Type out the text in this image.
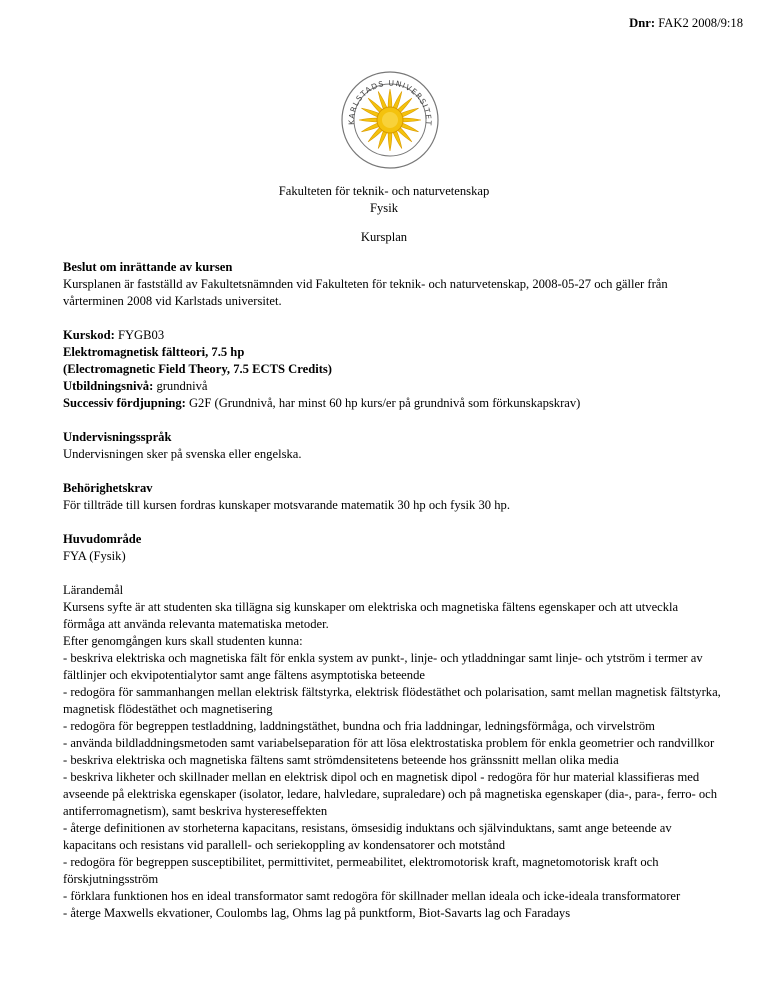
Dnr: FAK2 2008/9:18
KARLSTADS UNIVERSITET
Fakulteten för teknik- och naturvetenskap
Fysik
Kursplan

Beslut om inrättande av kursen

Kursplanen är fastställd av Fakultetsnämnden vid Fakulteten för teknik- och naturvetenskap, 2008-05-27 och gäller från vårterminen 2008 vid Karlstads universitet.

Kurskod: FYGB03

Elektromagnetisk fältteori, 7.5 hp

(Electromagnetic Field Theory, 7.5 ECTS Credits)

Utbildningsnivå: grundnivå

Successiv fördjupning: G2F (Grundnivå, har minst 60 hp kurs/er på grundnivå som förkunskapskrav)

Undervisningsspråk

Undervisningen sker på svenska eller engelska.

Behörighetskrav

För tillträde till kursen fordras kunskaper motsvarande matematik 30 hp och fysik 30 hp.

Huvudområde

FYA (Fysik)

Lärandemål

Kursens syfte är att studenten ska tillägna sig kunskaper om elektriska och magnetiska fältens egenskaper och att utveckla förmåga att använda relevanta matematiska metoder.

Efter genomgången kurs skall studenten kunna:

- beskriva elektriska och magnetiska fält för enkla system av punkt-, linje- och ytladdningar samt linje- och ytström i termer av fältlinjer och ekvipotentialytor samt ange fältens asymptotiska beteende

- redogöra för sammanhangen mellan elektrisk fältstyrka, elektrisk flödestäthet och polarisation, samt mellan magnetisk fältstyrka, magnetisk flödestäthet och magnetisering

- redogöra för begreppen testladdning, laddningstäthet, bundna och fria laddningar, ledningsförmåga, och virvelström

- använda bildladdningsmetoden samt variabelseparation för att lösa elektrostatiska problem för enkla geometrier och randvillkor

- beskriva elektriska och magnetiska fältens samt strömdensitetens beteende hos gränssnitt mellan olika media

- beskriva likheter och skillnader mellan en elektrisk dipol och en magnetisk dipol - redogöra för hur material klassifieras med avseende på elektriska egenskaper (isolator, ledare, halvledare, supraledare) och på magnetiska egenskaper (dia-, para-, ferro- och antiferromagnetism), samt beskriva hystereseffekten

- återge definitionen av storheterna kapacitans, resistans, ömsesidig induktans och självinduktans, samt ange beteende av kapacitans och resistans vid parallell- och seriekoppling av kondensatorer och motstånd

- redogöra för begreppen susceptibilitet, permittivitet, permeabilitet, elektromotorisk kraft, magnetomotorisk kraft och förskjutningsström

- förklara funktionen hos en ideal transformator samt redogöra för skillnader mellan ideala och icke-ideala transformatorer

- återge Maxwells ekvationer, Coulombs lag, Ohms lag på punktform, Biot-Savarts lag och Faradays
